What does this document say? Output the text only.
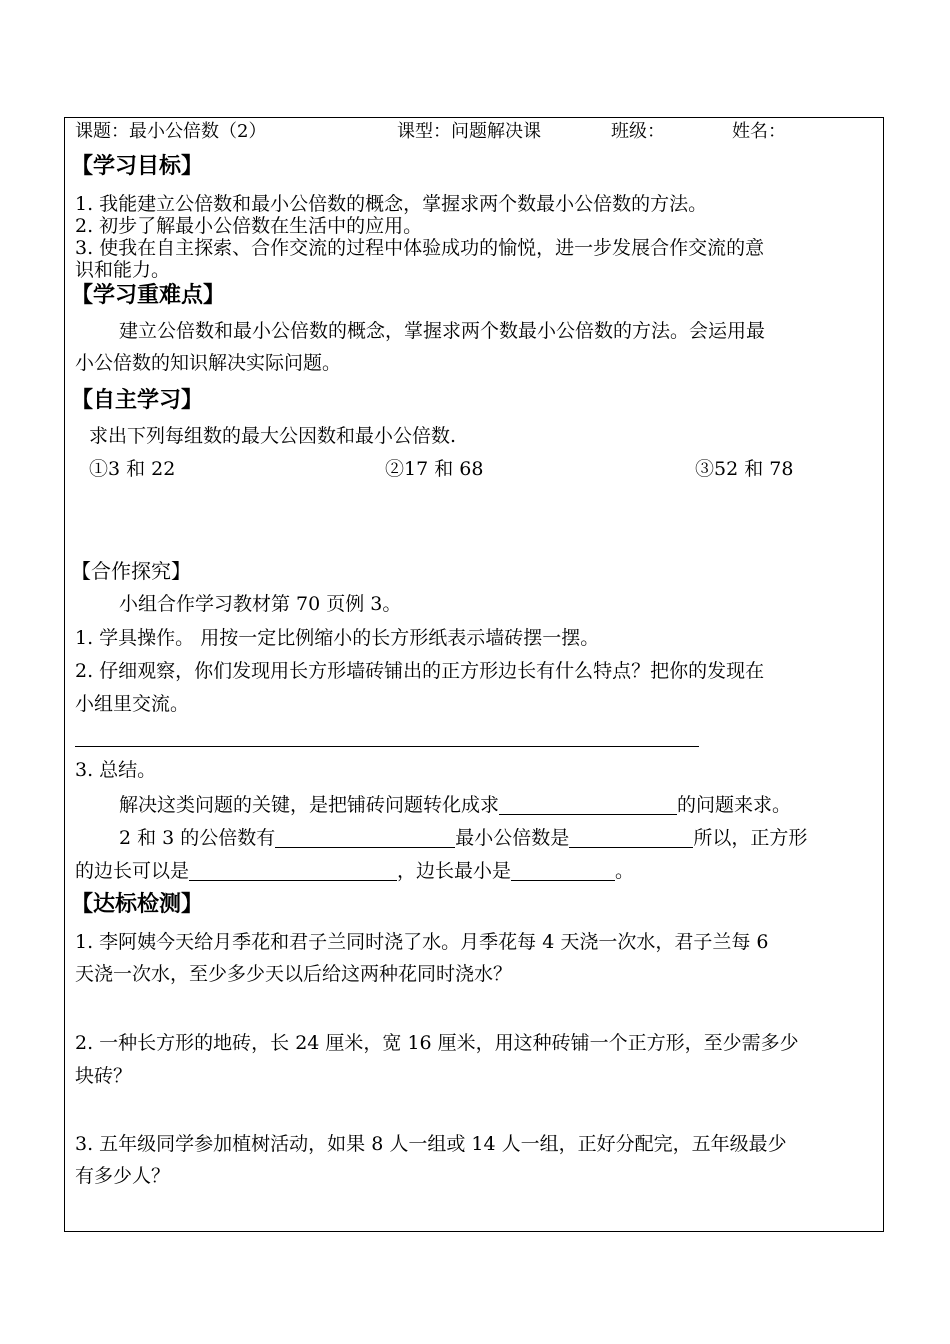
课题：最小公倍数（2）	课型：问题解决课	班级：	姓名：
【学习目标】
1. 我能建立公倍数和最小公倍数的概念，掌握求两个数最小公倍数的方法。
2. 初步了解最小公倍数在生活中的应用。
3. 使我在自主探索、合作交流的过程中体验成功的愉悦，进一步发展合作交流的意
识和能力。
【学习重难点】
建立公倍数和最小公倍数的概念，掌握求两个数最小公倍数的方法。会运用最
小公倍数的知识解决实际问题。
【自主学习】
求出下列每组数的最大公因数和最小公倍数.
①3 和 22	②17 和 68	③52 和 78
【合作探究】
小组合作学习教材第 70 页例 3。
1. 学具操作。 用按一定比例缩小的长方形纸表示墙砖摆一摆。
2. 仔细观察，你们发现用长方形墙砖铺出的正方形边长有什么特点？把你的发现在
小组里交流。
3. 总结。
解决这类问题的关键，是把铺砖问题转化成求	的问题来求。
2 和 3 的公倍数有	最小公倍数是	所以，正方形
的边长可以是	，边长最小是	。
【达标检测】
1. 李阿姨今天给月季花和君子兰同时浇了水。月季花每 4 天浇一次水，君子兰每 6
天浇一次水，至少多少天以后给这两种花同时浇水？
2. 一种长方形的地砖，长 24 厘米，宽 16 厘米，用这种砖铺一个正方形，至少需多少
块砖？
3. 五年级同学参加植树活动，如果 8 人一组或 14 人一组，正好分配完，五年级最少
有多少人？
